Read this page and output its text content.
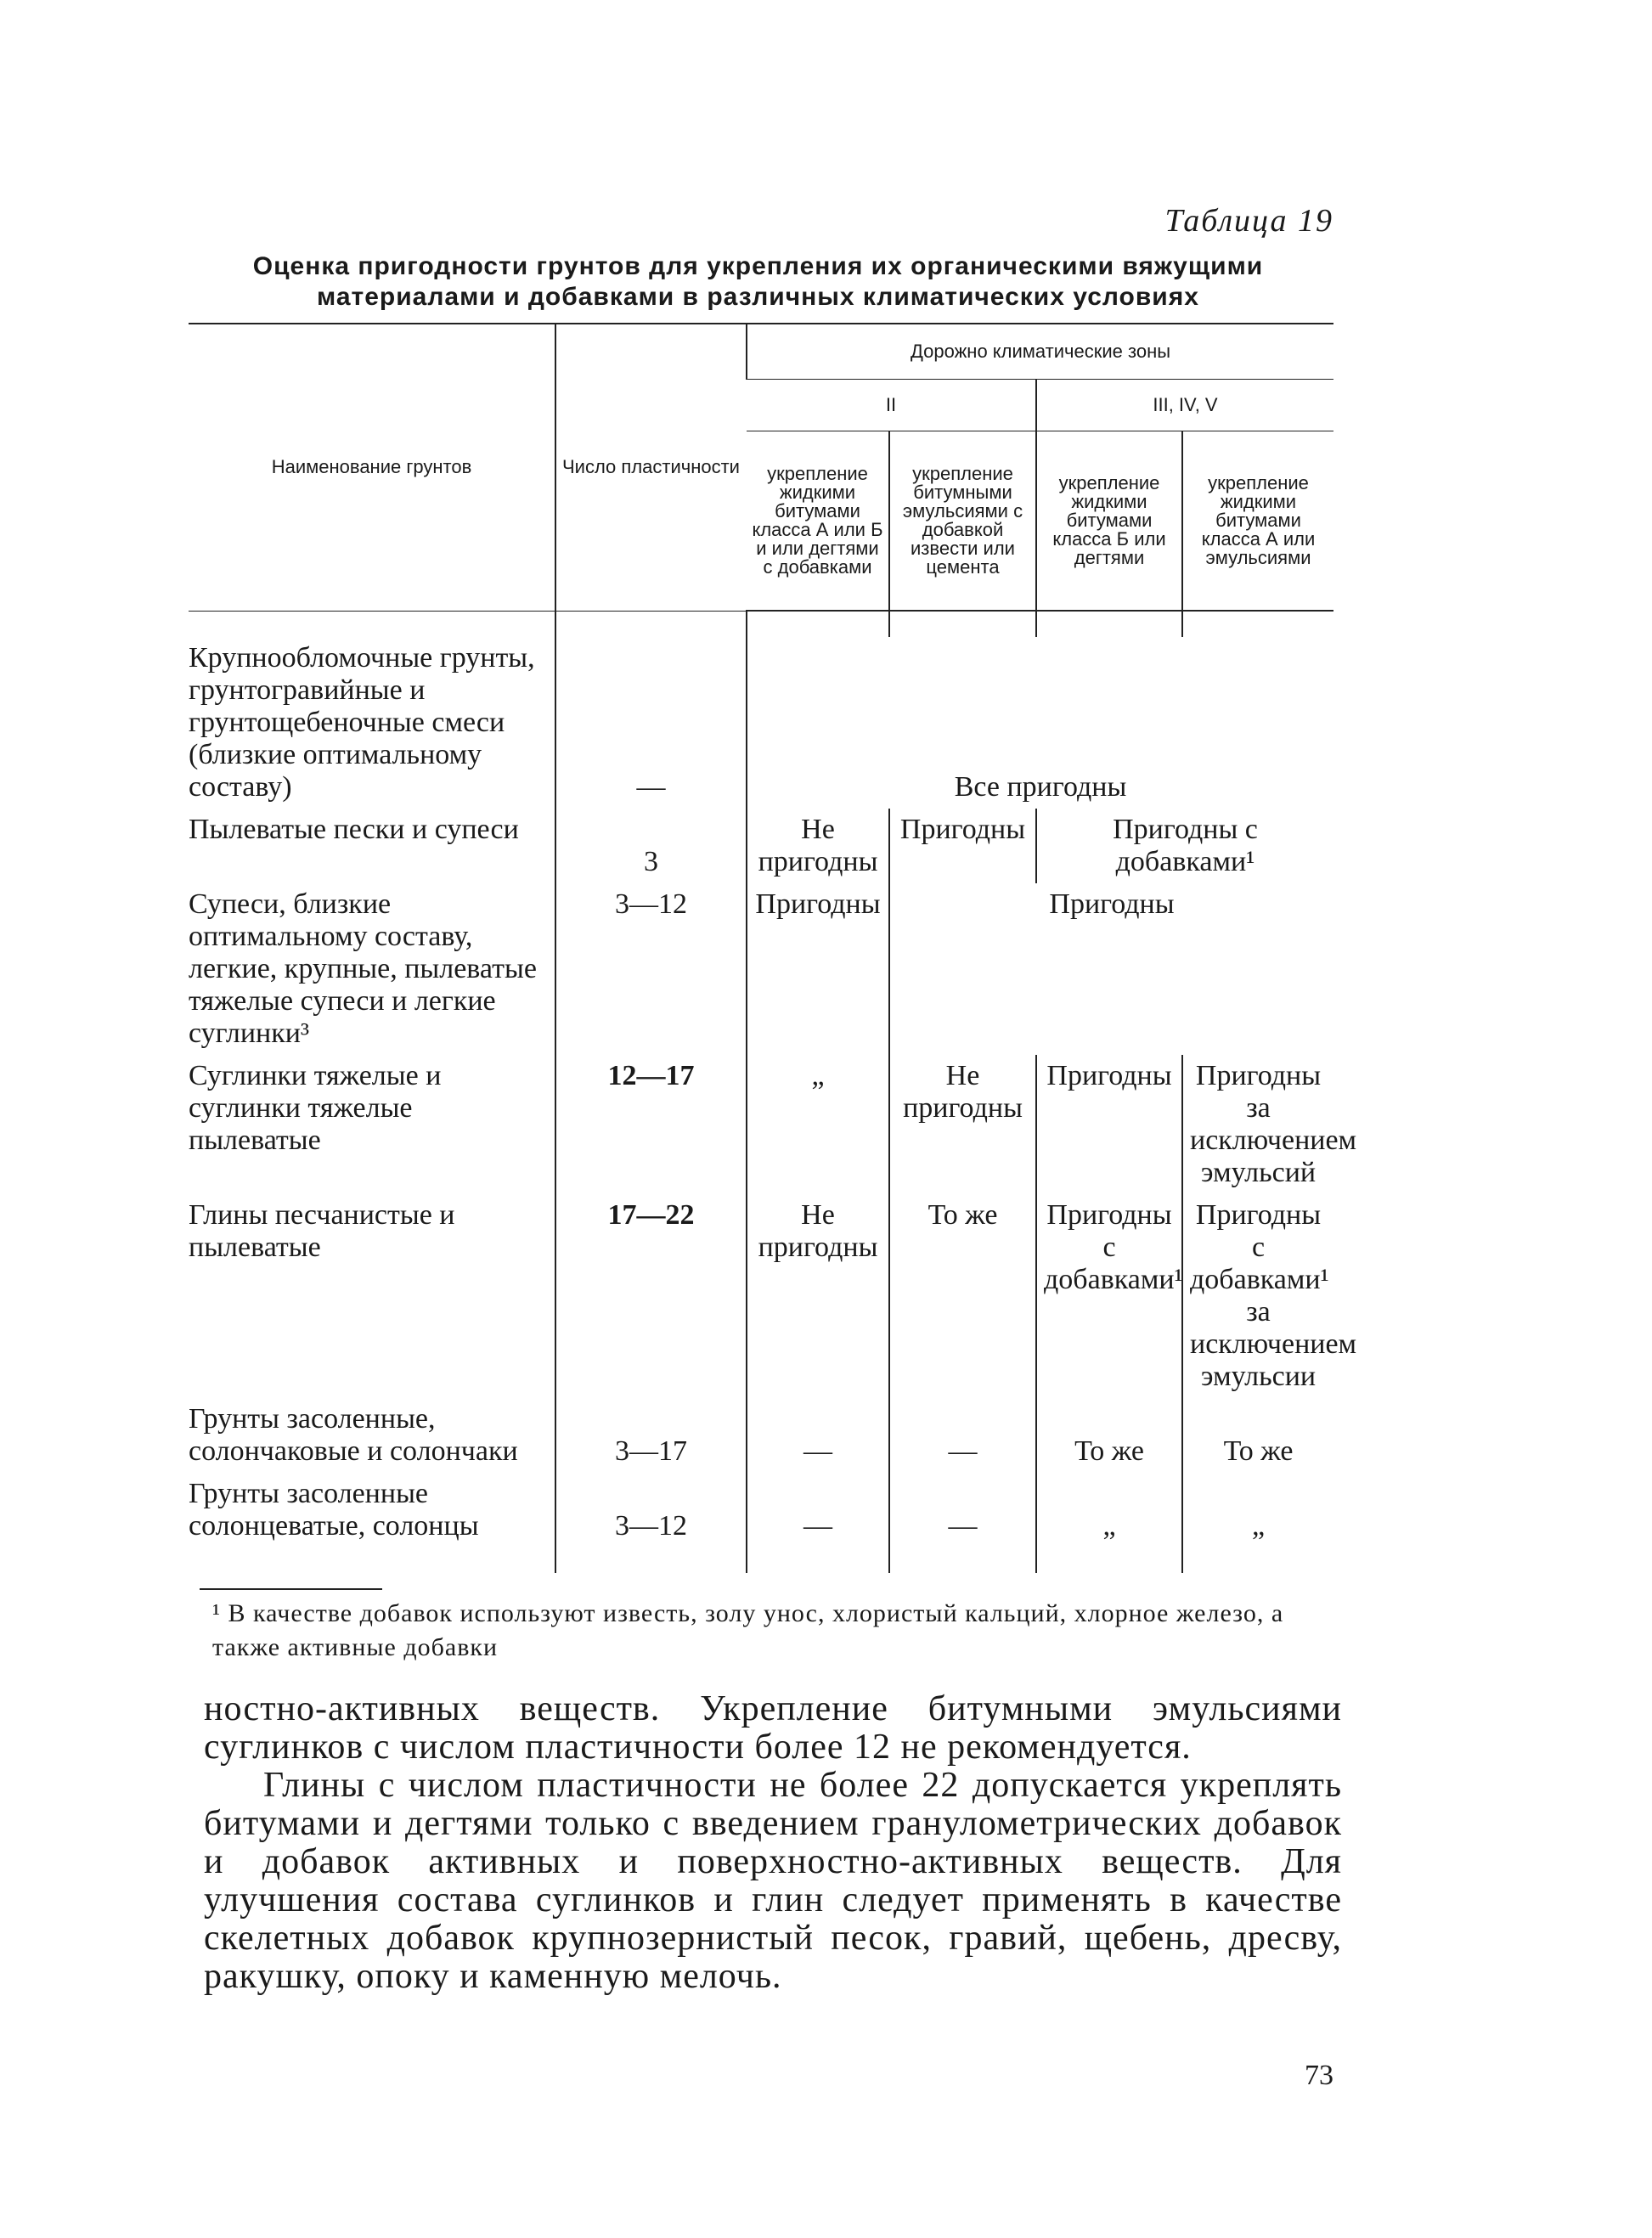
Таблица 19
Оценка пригодности грунтов для укрепления их органическими вяжущими материалами и добавками в различных климатических условиях
Наименование грунтов	Число пластичности	Дорожно климатические зоны			
		II		III, IV, V	
		укрепление жидкими битумами класса А или Б и или дегтями с добавками	укрепление битумными эмульсиями с добавкой извести или цемента	укрепление жидкими битумами класса Б или дегтями	укрепление жидкими битумами класса А или эмульсиями

Крупнообломочные грунты, грунтогравийные и грунтощебеночные смеси (близкие оптимальному составу)	—	Все пригодны			
Пылеватые пески и супеси	3	Не пригодны	Пригодны	Пригодны с добавками¹	
Супеси, близкие оптимальному составу, легкие, крупные, пылеватые тяжелые супеси и легкие суглинки³	3—12	Пригодны	Пригодны		
Суглинки тяжелые и суглинки тяжелые пылеватые	12—17	„	Не пригодны	Пригодны	Пригодны за исключением эмульсий
Глины песчанистые и пылеватые	17—22	Не пригодны	То же	Пригодны с добавками¹	Пригодны с добавками¹ за исключением эмульсии
Грунты засоленные, солончаковые и солончаки	3—17	—	—	То же	То же
Грунты засоленные солонцеватые, солонцы	3—12	—	—	„	„

¹ В качестве добавок используют известь, золу унос, хлористый кальций, хлорное железо, а также активные добавки

ностно-активных веществ. Укрепление битумными эмульсиями суглинков с числом пластичности более 12 не рекомендуется.

Глины с числом пластичности не более 22 допускается укреплять битумами и дегтями только с введением гранулометрических добавок и добавок активных и поверхностно-активных веществ. Для улучшения состава суглинков и глин следует применять в качестве скелетных добавок крупнозернистый песок, гравий, щебень, дресву, ракушку, опоку и каменную мелочь.

73
